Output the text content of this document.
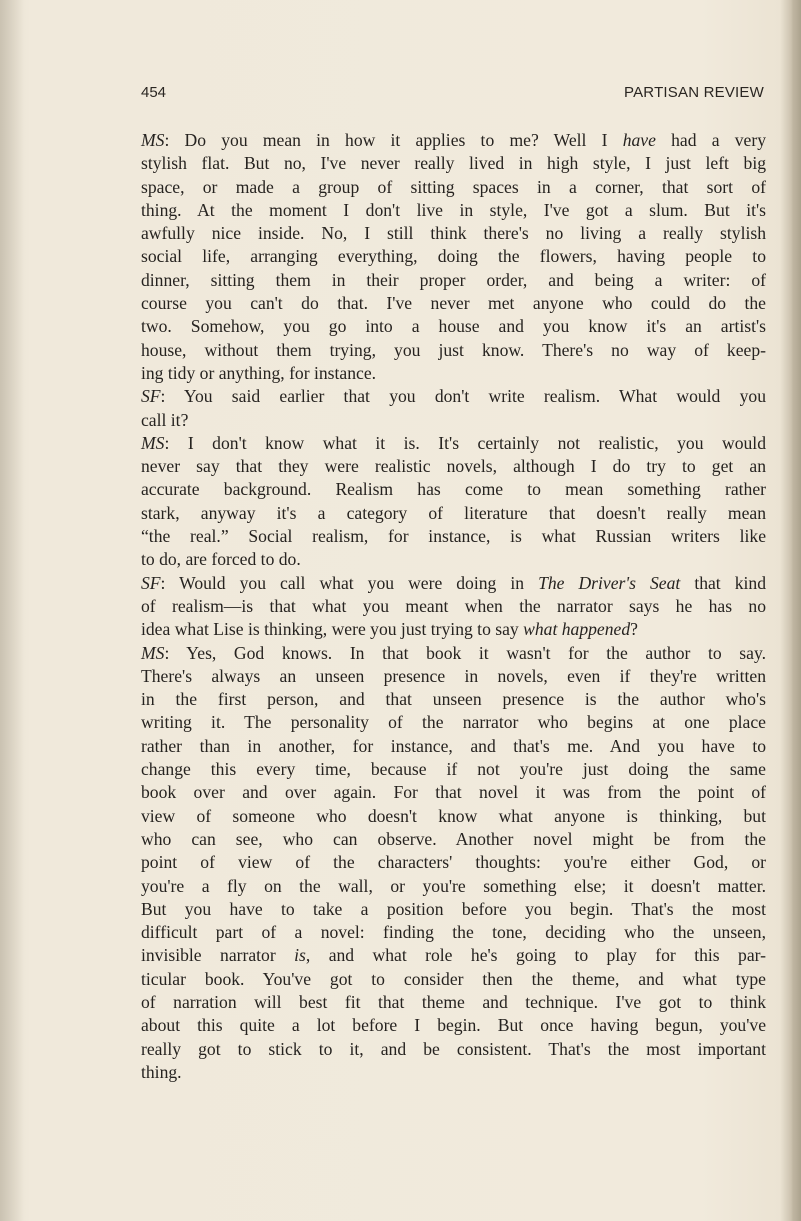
454	PARTISAN REVIEW
MS: Do you mean in how it applies to me? Well I have had a very
stylish flat. But no, I've never really lived in high style, I just left big
space, or made a group of sitting spaces in a corner, that sort of
thing. At the moment I don't live in style, I've got a slum. But it's
awfully nice inside. No, I still think there's no living a really stylish
social life, arranging everything, doing the flowers, having people to
dinner, sitting them in their proper order, and being a writer: of
course you can't do that. I've never met anyone who could do the
two. Somehow, you go into a house and you know it's an artist's
house, without them trying, you just know. There's no way of keep-
ing tidy or anything, for instance.
SF: You said earlier that you don't write realism. What would you
call it?
MS: I don't know what it is. It's certainly not realistic, you would
never say that they were realistic novels, although I do try to get an
accurate background. Realism has come to mean something rather
stark, anyway it's a category of literature that doesn't really mean
“the real.” Social realism, for instance, is what Russian writers like
to do, are forced to do.
SF: Would you call what you were doing in The Driver's Seat that kind
of realism—is that what you meant when the narrator says he has no
idea what Lise is thinking, were you just trying to say what happened?
MS: Yes, God knows. In that book it wasn't for the author to say.
There's always an unseen presence in novels, even if they're written
in the first person, and that unseen presence is the author who's
writing it. The personality of the narrator who begins at one place
rather than in another, for instance, and that's me. And you have to
change this every time, because if not you're just doing the same
book over and over again. For that novel it was from the point of
view of someone who doesn't know what anyone is thinking, but
who can see, who can observe. Another novel might be from the
point of view of the characters' thoughts: you're either God, or
you're a fly on the wall, or you're something else; it doesn't matter.
But you have to take a position before you begin. That's the most
difficult part of a novel: finding the tone, deciding who the unseen,
invisible narrator is, and what role he's going to play for this par-
ticular book. You've got to consider then the theme, and what type
of narration will best fit that theme and technique. I've got to think
about this quite a lot before I begin. But once having begun, you've
really got to stick to it, and be consistent. That's the most important
thing.
